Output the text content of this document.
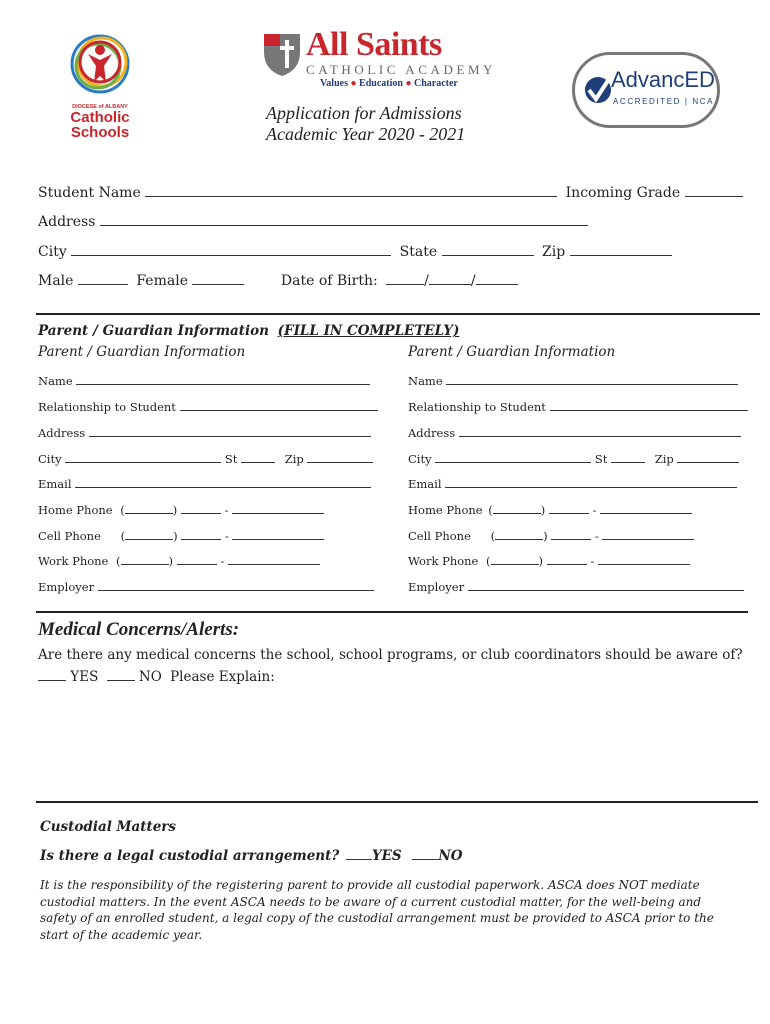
DIOCESE of ALBANY
Catholic
Schools
All Saints
CATHOLIC ACADEMY
Values ● Education ● Character	AdvancED
ACCREDITED | NCA
Application for Admissions
Academic Year 2020 - 2021
Student Name	Incoming Grade
Address
City	State	Zip
Male	Female	Date of Birth:	/	/
Parent / Guardian Information (FILL IN COMPLETELY)
Parent / Guardian Information	Parent / Guardian Information
Name
Relationship to Student
Address
City	St	Zip
Email
Home Phone (	)	-
Cell Phone (	)	-
Work Phone (	)	-
Employer
Name
Relationship to Student
Address
City	St	Zip
Email
Home Phone (	)	-
Cell Phone (	)	-
Work Phone (	)	-
Employer
Medical Concerns/Alerts:
Are there any medical concerns the school, school programs, or club coordinators should be aware of?
YES	NO Please Explain:
Custodial Matters
Is there a legal custodial arrangement? YES	NO
It is the responsibility of the registering parent to provide all custodial paperwork. ASCA does NOT mediate custodial matters. In the event ASCA needs to be aware of a current custodial matter, for the well-being and safety of an enrolled student, a legal copy of the custodial arrangement must be provided to ASCA prior to the start of the academic year.
